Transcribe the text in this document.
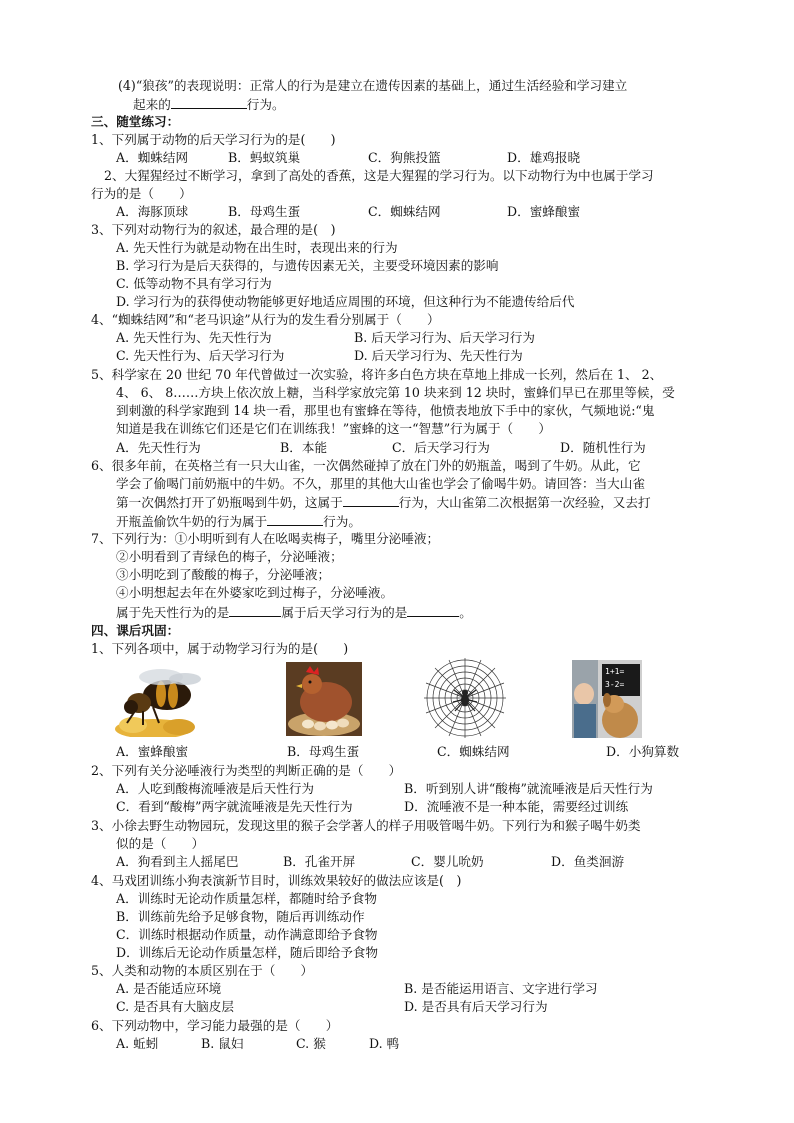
(4)“狼孩”的表现说明：正常人的行为是建立在遗传因素的基础上，通过生活经验和学习建立
起来的	行为。
三、随堂练习：
1、下列属于动物的后天学习行为的是(　　)
A．蜘蛛结网	B．蚂蚁筑巢	C．狗熊投篮	D．雄鸡报晓
2、大猩猩经过不断学习，拿到了高处的香蕉，这是大猩猩的学习行为。以下动物行为中也属于学习
行为的是（　　）
A．海豚顶球	B．母鸡生蛋	C．蜘蛛结网	D．蜜蜂酿蜜
3、下列对动物行为的叙述，最合理的是(　)
A. 先天性行为就是动物在出生时，表现出来的行为
B. 学习行为是后天获得的，与遗传因素无关，主要受环境因素的影响
C. 低等动物不具有学习行为
D. 学习行为的获得使动物能够更好地适应周围的环境，但这种行为不能遗传给后代
4、“蜘蛛结网”和“老马识途”从行为的发生看分别属于（　　）
A. 先天性行为、先天性行为	B. 后天学习行为、后天学习行为
C. 先天性行为、后天学习行为	D. 后天学习行为、先天性行为
5、科学家在 20 世纪 70 年代曾做过一次实验，将许多白色方块在草地上排成一长列，然后在 1、 2、
4、 6、 8……方块上依次放上糖，当科学家放完第 10 块来到 12 块时，蜜蜂们早已在那里等候，受
到刺激的科学家跑到 14 块一看，那里也有蜜蜂在等待，他愤表地放下手中的家伙，气频地说:“鬼
知道是我在训练它们还是它们在训练我！”蜜蜂的这一“智慧”行为属于（　　）
A．先天性行为	B．本能	C．后天学习行为	D．随机性行为
6、很多年前，在英格兰有一只大山雀，一次偶然碰掉了放在门外的奶瓶盖，喝到了牛奶。从此，它
学会了偷喝门前奶瓶中的牛奶。不久，那里的其他大山雀也学会了偷喝牛奶。请回答：当大山雀
第一次偶然打开了奶瓶喝到牛奶，这属于	行为，大山雀第二次根据第一次经验，又去打
开瓶盖偷饮牛奶的行为属于	行为。
7、下列行为：①小明听到有人在吆喝卖梅子，嘴里分泌唾液；
②小明看到了青绿色的梅子，分泌唾液；
③小明吃到了酸酸的梅子，分泌唾液；
④小明想起去年在外婆家吃到过梅子，分泌唾液。
属于先天性行为的是	属于后天学习行为的是	。
四、课后巩固：
1、下列各项中，属于动物学习行为的是(　　)
1+1=
3-2=
A．蜜蜂酿蜜	B．母鸡生蛋	C．蜘蛛结网	D．小狗算数
2、下列有关分泌唾液行为类型的判断正确的是（　　）
A．人吃到酸梅流唾液是后天性行为	B．听到别人讲“酸梅”就流唾液是后天性行为
C．看到“酸梅”两字就流唾液是先天性行为	D．流唾液不是一种本能，需要经过训练
3、小徐去野生动物园玩，发现这里的猴子会学著人的样子用吸管喝牛奶。下列行为和猴子喝牛奶类
似的是（　　）
A．狗看到主人摇尾巴	B．孔雀开屏	C．婴儿吮奶	D．鱼类洄游
4、马戏团训练小狗表演新节目时，训练效果较好的做法应该是(　)
A．训练时无论动作质量怎样，都随时给予食物
B．训练前先给予足够食物，随后再训练动作
C．训练时根据动作质量，动作满意即给予食物
D．训练后无论动作质量怎样，随后即给予食物
5、人类和动物的本质区别在于（　　）
A. 是否能适应环境	B. 是否能运用语言、文字进行学习
C. 是否具有大脑皮层	D. 是否具有后天学习行为
6、下列动物中，学习能力最强的是（　　）
A. 蚯蚓	B. 鼠妇	C. 猴	D. 鸭
